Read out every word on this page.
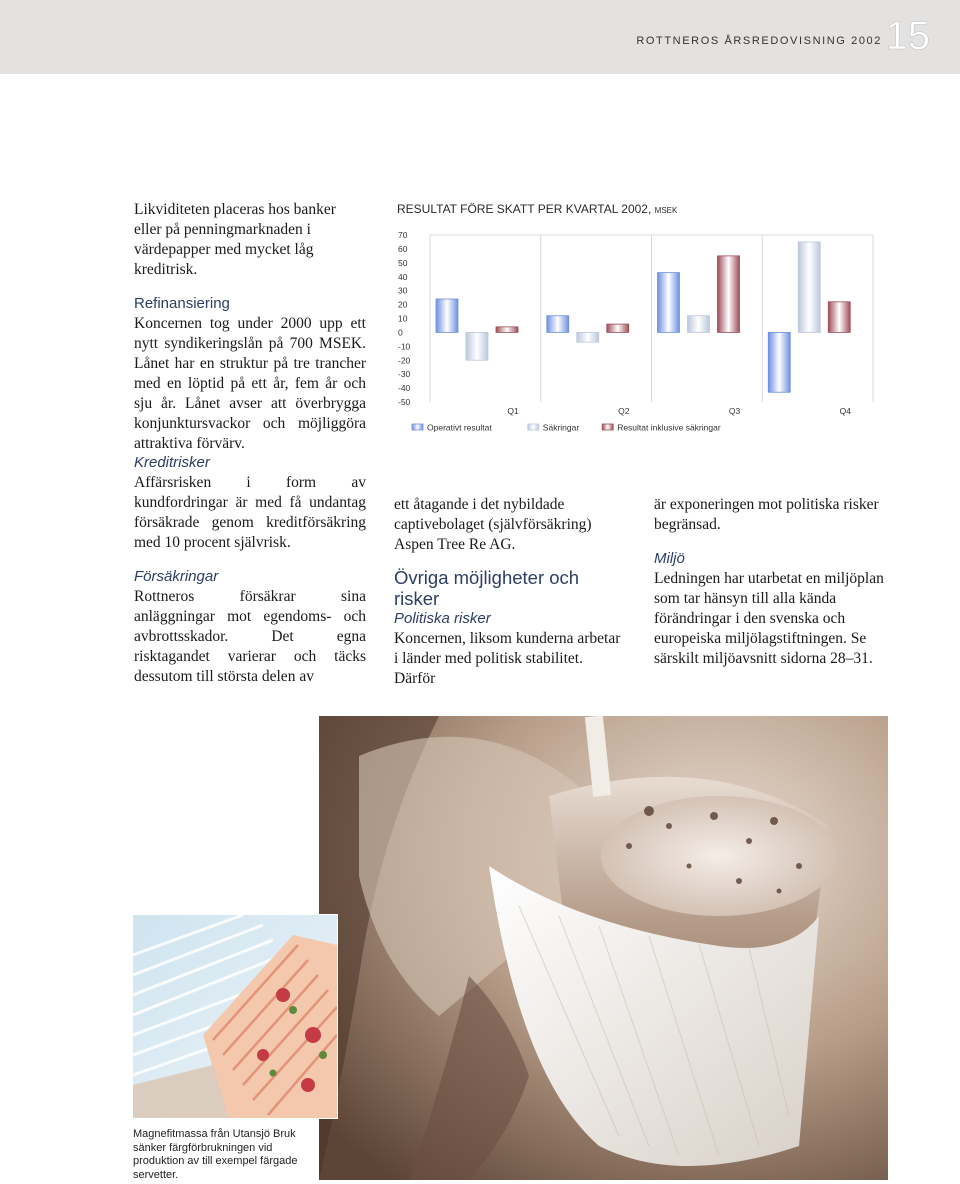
ROTTNEROS ÅRSREDOVISNING 2002 15

Likviditeten placeras hos banker eller på penningmarknaden i värdepapper med mycket låg kreditrisk.

Refinansiering

Koncernen tog under 2000 upp ett nytt syndikeringslån på 700 MSEK. Lånet har en struktur på tre trancher med en löptid på ett år, fem år och sju år. Lånet avser att överbrygga konjunktursvackor och möjliggöra attraktiva förvärv.

Kreditrisker

Affärsrisken i form av kundfordringar är med få undantag försäkrade genom kreditförsäkring med 10 procent självrisk.

Försäkringar

Rottneros försäkrar sina anläggningar mot egendoms- och avbrottsskador. Det egna risktagandet varierar och täcks dessutom till största delen av

ett åtagande i det nybildade captivebolaget (självförsäkring) Aspen Tree Re AG.

Övriga möjligheter och risker
Politiska risker

Koncernen, liksom kunderna arbetar i länder med politisk stabilitet. Därför

är exponeringen mot politiska risker begränsad.

Miljö

Ledningen har utarbetat en miljöplan som tar hänsyn till alla kända förändringar i den svenska och europeiska miljölagstiftningen. Se särskilt miljöavsnitt sidorna 28–31.

RESULTAT FÖRE SKATT PER KVARTAL 2002, MSEK
70
60
50
40
30
20
10
0
-10
-20
-30
-40
-50
Q1	Q2	Q3	Q4
Operativt resultat	Säkringar	Resultat inklusive säkringar
Magnefitmassa från Utansjö Bruk sänker färgförbrukningen vid produktion av till exempel färgade servetter.
